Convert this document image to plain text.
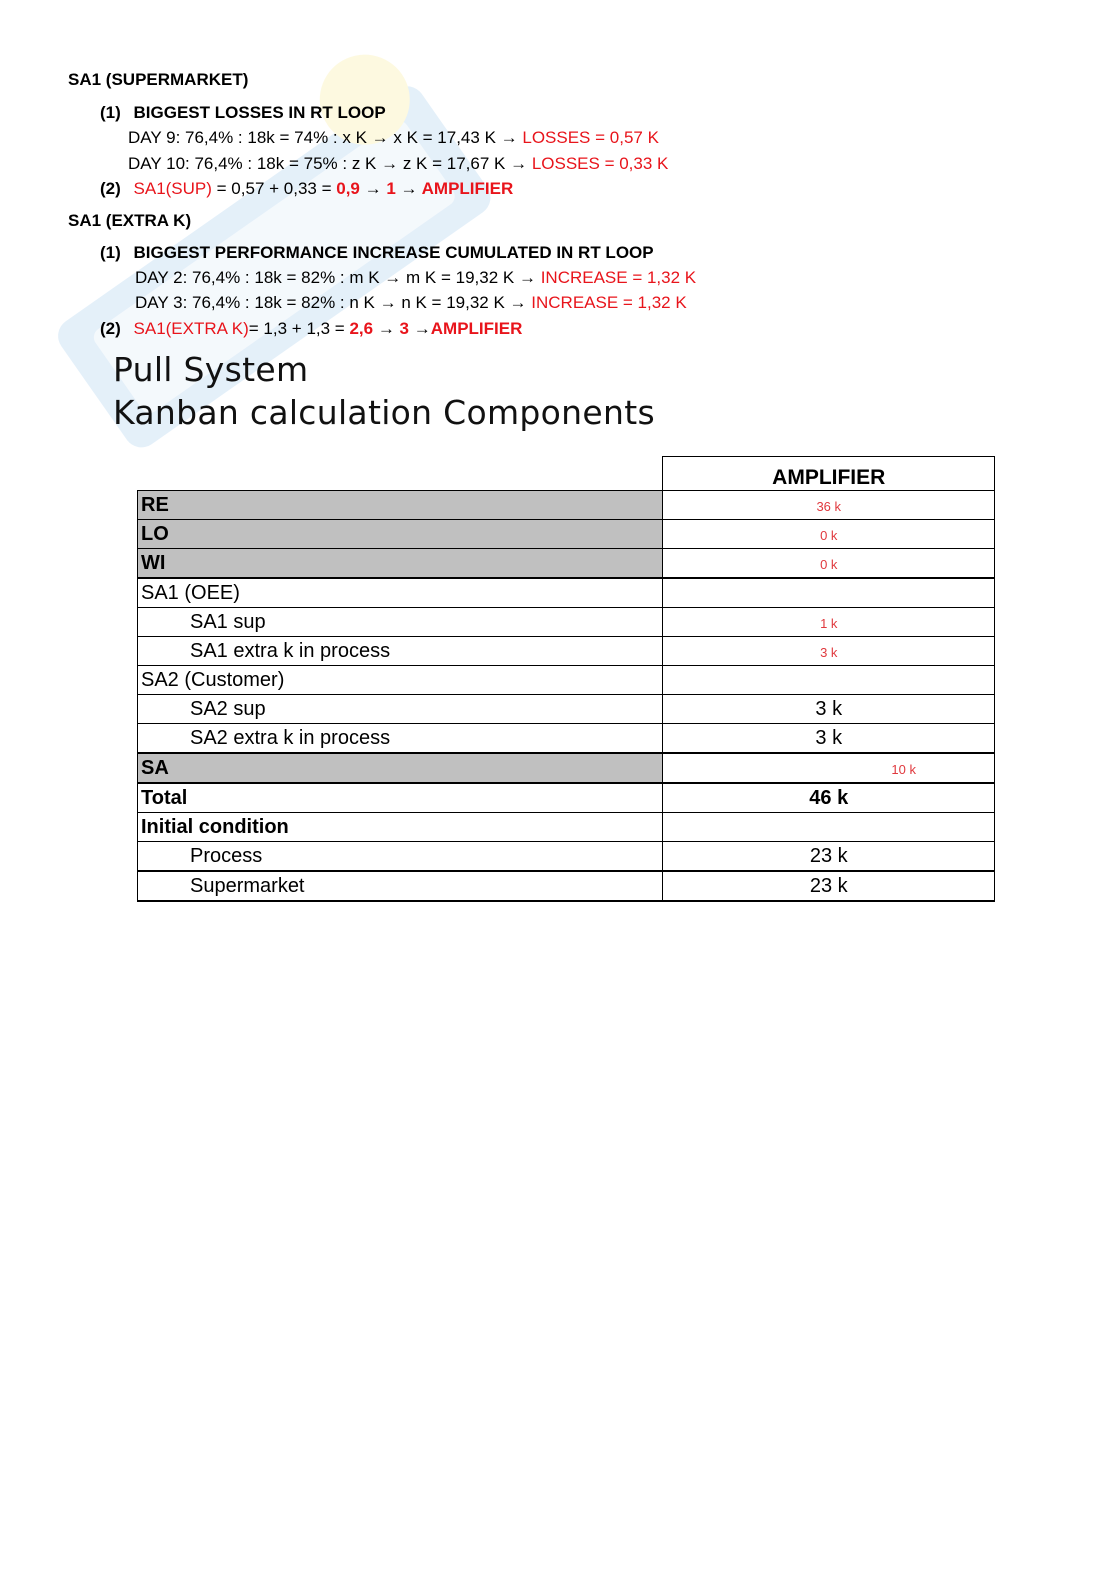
SA1 (SUPERMARKET)
(1) BIGGEST LOSSES IN RT LOOP
DAY 9: 76,4% : 18k = 74% : x K → x K = 17,43 K → LOSSES = 0,57 K
DAY 10: 76,4% : 18k = 75% : z K → z K = 17,67 K → LOSSES = 0,33 K
(2) SA1(SUP) = 0,57 + 0,33 = 0,9 → 1 → AMPLIFIER
SA1 (EXTRA K)
(1) BIGGEST PERFORMANCE INCREASE CUMULATED IN RT LOOP
DAY 2: 76,4% : 18k = 82% : m K → m K = 19,32 K → INCREASE = 1,32 K
DAY 3: 76,4% : 18k = 82% : n K → n K = 19,32 K → INCREASE = 1,32 K
(2) SA1(EXTRA K)= 1,3 + 1,3 = 2,6 → 3 →AMPLIFIER
Pull System
Kanban calculation Components
	AMPLIFIER
RE	36 k
LO	0 k
WI	0 k
SA1 (OEE)	
SA1 sup	1 k
SA1 extra k in process	3 k
SA2 (Customer)	
SA2 sup	3 k
SA2 extra k in process	3 k
SA	10 k
Total	46 k
Initial condition	
Process	23 k
Supermarket	23 k
